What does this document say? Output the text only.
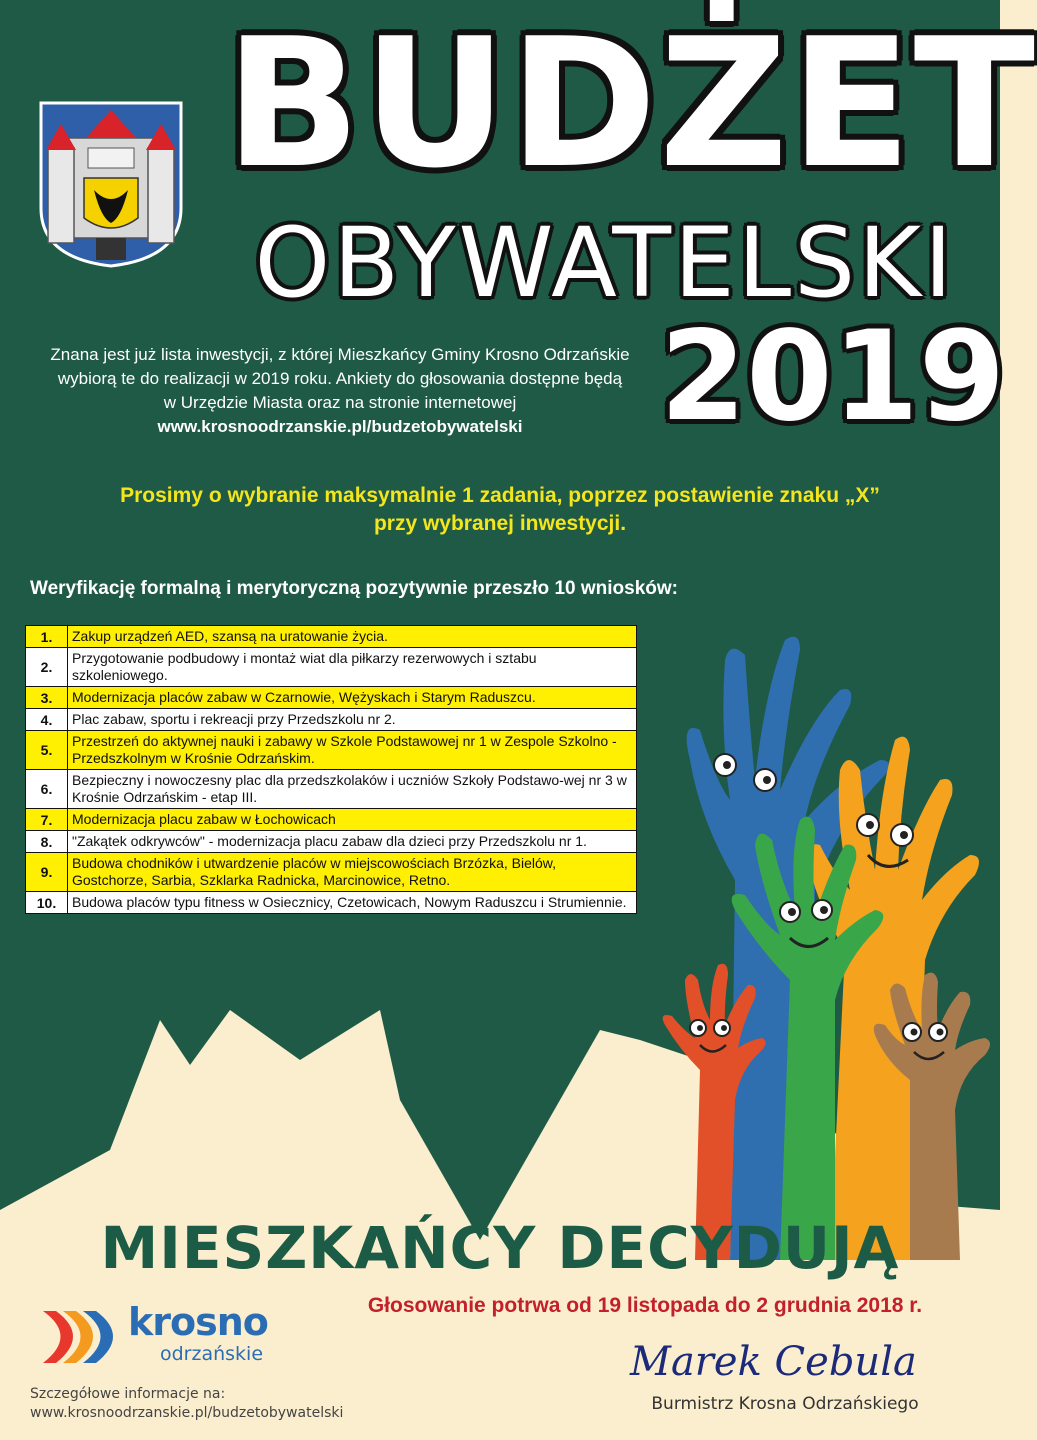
BUDŻET
OBYWATELSKI
2019
Znana jest już lista inwestycji, z której Mieszkańcy Gminy Krosno Odrzańskie
wybiorą te do realizacji w 2019 roku. Ankiety do głosowania dostępne będą
w Urzędzie Miasta oraz na stronie internetowej
www.krosnoodrzanskie.pl/budzetobywatelski
Prosimy o wybranie maksymalnie 1 zadania, poprzez postawienie znaku „X”
przy wybranej inwestycji.
Weryfikację formalną i merytoryczną pozytywnie przeszło 10 wniosków:
1.	Zakup urządzeń AED, szansą na uratowanie życia.
2.	Przygotowanie podbudowy i montaż wiat dla piłkarzy rezerwowych i sztabu szkoleniowego.
3.	Modernizacja placów zabaw w Czarnowie, Wężyskach i Starym Raduszcu.
4.	Plac zabaw, sportu i rekreacji przy Przedszkolu nr 2.
5.	Przestrzeń do aktywnej nauki i zabawy w Szkole Podstawowej nr 1 w Zespole Szkolno - Przedszkolnym w Krośnie Odrzańskim.
6.	Bezpieczny i nowoczesny plac dla przedszkolaków i uczniów Szkoły Podstawo-wej nr 3 w Krośnie Odrzańskim - etap III.
7.	Modernizacja placu zabaw w Łochowicach
8.	"Zakątek odkrywców" - modernizacja placu zabaw dla dzieci przy Przedszkolu nr 1.
9.	Budowa chodników i utwardzenie placów w miejscowościach Brzózka, Bielów, Gostchorze, Sarbia, Szklarka Radnicka, Marcinowice, Retno.
10.	Budowa placów typu fitness w Osiecznicy, Czetowicach, Nowym Raduszcu i Strumiennie.
MIESZKAŃCY DECYDUJĄ
krosno
odrzańskie
Głosowanie potrwa od 19 listopada do 2 grudnia 2018 r.
Szczegółowe informacje na:
www.krosnoodrzanskie.pl/budzetobywatelski
Marek Cebula
Burmistrz Krosna Odrzańskiego
